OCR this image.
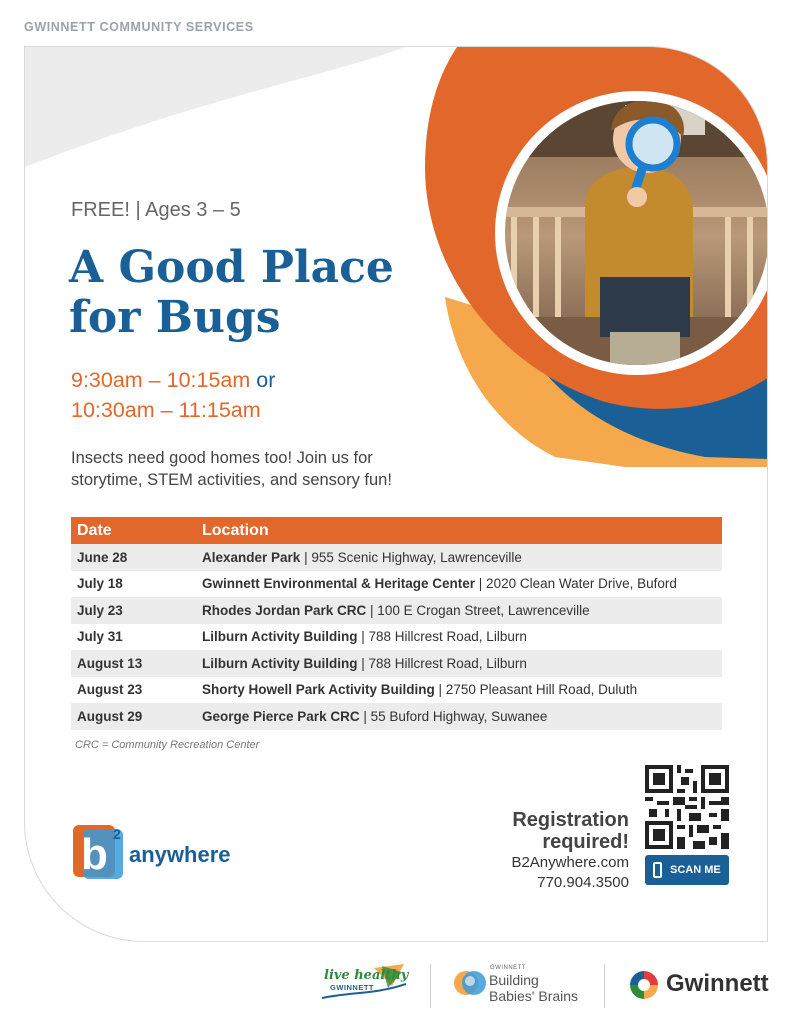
GWINNETT COMMUNITY SERVICES
FREE! | Ages 3 – 5
A Good Place
for Bugs
9:30am – 10:15am or
10:30am – 11:15am
Insects need good homes too! Join us for
storytime, STEM activities, and sensory fun!
Date	Location
June 28	Alexander Park | 955 Scenic Highway, Lawrenceville
July 18	Gwinnett Environmental & Heritage Center | 2020 Clean Water Drive, Buford
July 23	Rhodes Jordan Park CRC | 100 E Crogan Street, Lawrenceville
July 31	Lilburn Activity Building | 788 Hillcrest Road, Lilburn
August 13	Lilburn Activity Building | 788 Hillcrest Road, Lilburn
August 23	Shorty Howell Park Activity Building | 2750 Pleasant Hill Road, Duluth
August 29	George Pierce Park CRC | 55 Buford Highway, Suwanee
CRC = Community Recreation Center
b 2
anywhere
Registration
required!
B2Anywhere.com
770.904.3500
SCAN ME
live healthy
GWINNETT
GWINNETT
Building
Babies' Brains	Gwinnett
